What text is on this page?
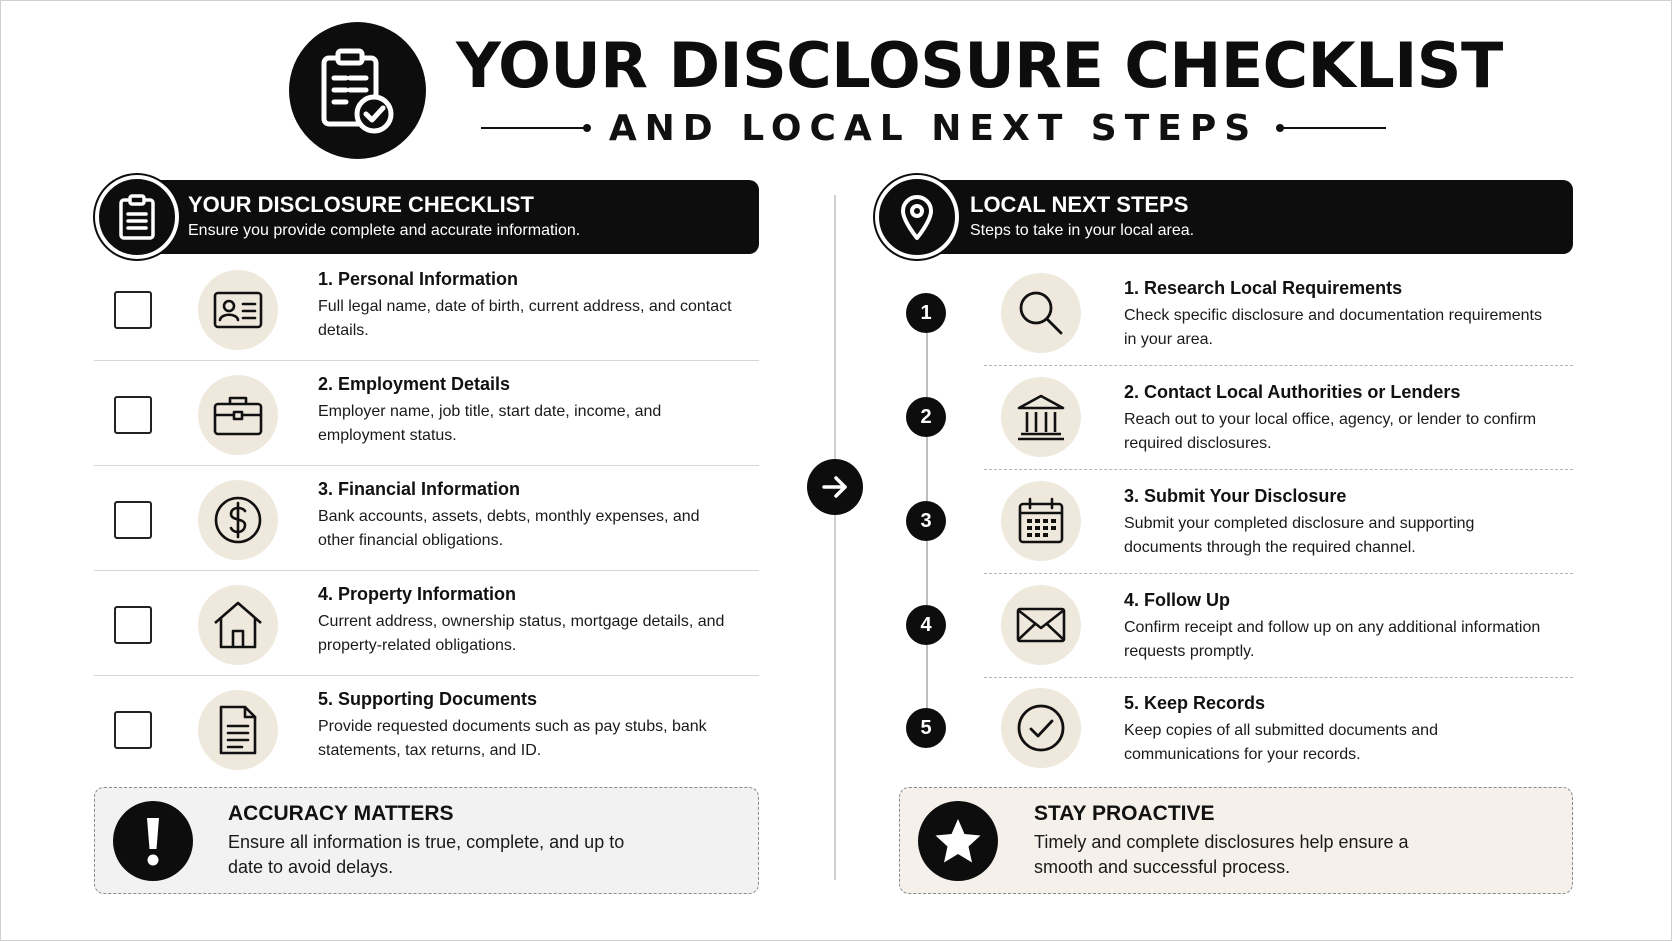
YOUR DISCLOSURE CHECKLIST
AND LOCAL NEXT STEPS
YOUR DISCLOSURE CHECKLIST
Ensure you provide complete and accurate information.
LOCAL NEXT STEPS
Steps to take in your local area.
1. Personal Information
Full legal name, date of birth, current address, and contact details.
2. Employment Details
Employer name, job title, start date, income, and employment status.
3. Financial Information
Bank accounts, assets, debts, monthly expenses, and other financial obligations.
4. Property Information
Current address, ownership status, mortgage details, and property-related obligations.
5. Supporting Documents
Provide requested documents such as pay stubs, bank statements, tax returns, and ID.
1
1. Research Local Requirements
Check specific disclosure and documentation requirements in your area.
2
2. Contact Local Authorities or Lenders
Reach out to your local office, agency, or lender to confirm required disclosures.
3
3. Submit Your Disclosure
Submit your completed disclosure and supporting documents through the required channel.
4
4. Follow Up
Confirm receipt and follow up on any additional information requests promptly.
5
5. Keep Records
Keep copies of all submitted documents and communications for your records.
ACCURACY MATTERS
Ensure all information is true, complete, and up to date to avoid delays.
STAY PROACTIVE
Timely and complete disclosures help ensure a smooth and successful process.
